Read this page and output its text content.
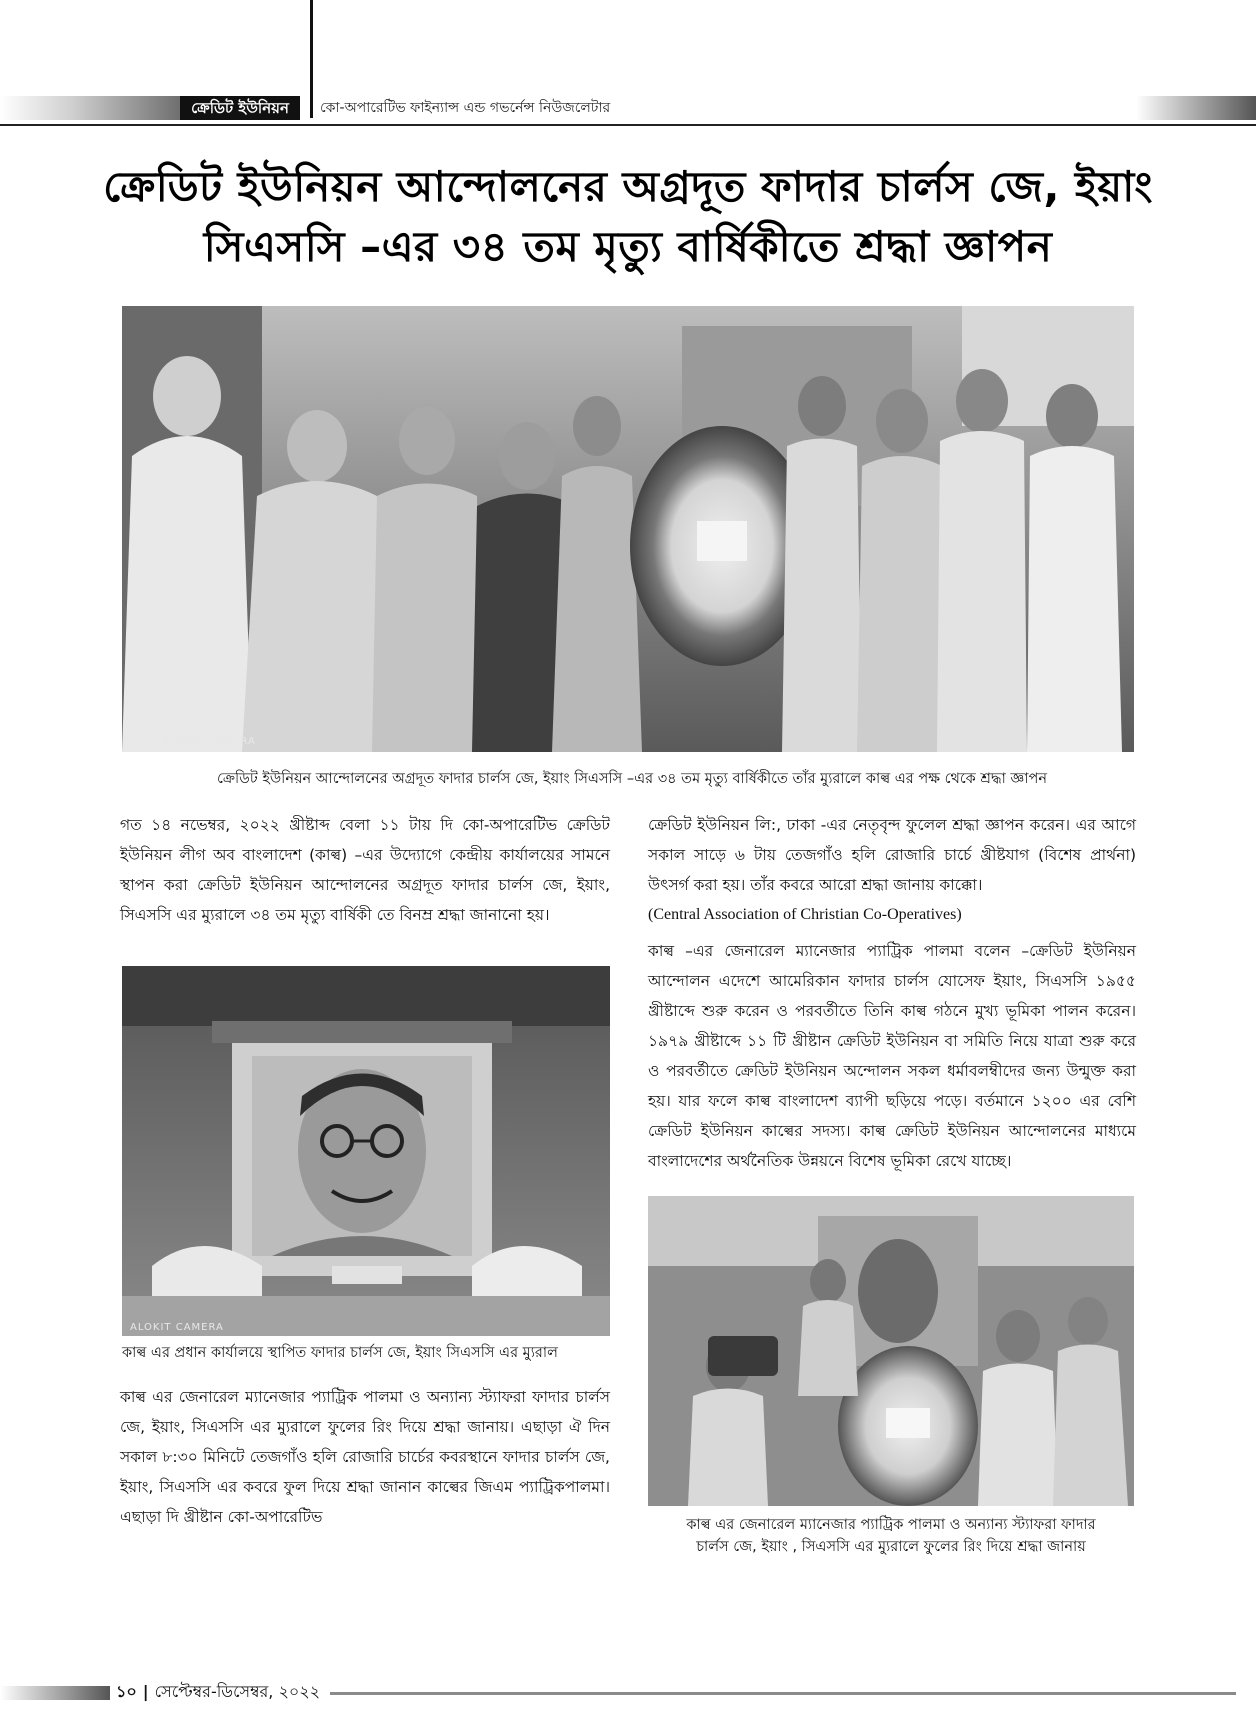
ক্রেডিট ইউনিয়ন	কো-অপারেটিভ ফাইন্যান্স এন্ড গভর্নেন্স নিউজলেটার
ক্রেডিট ইউনিয়ন আন্দোলনের অগ্রদূত ফাদার চার্লস জে, ইয়াং
সিএসসি –এর ৩৪ তম মৃত্যু বার্ষিকীতে শ্রদ্ধা জ্ঞাপন
ALOKIT CAMERA
ক্রেডিট ইউনিয়ন আন্দোলনের অগ্রদূত ফাদার চার্লস জে, ইয়াং সিএসসি –এর ৩৪ তম মৃত্যু বার্ষিকীতে তাঁর ম্যুরালে কাল্ব এর পক্ষ থেকে শ্রদ্ধা জ্ঞাপন
গত ১৪ নভেম্বর, ২০২২ খ্রীষ্টাব্দ বেলা ১১ টায় দি কো-অপারেটিভ ক্রেডিট ইউনিয়ন লীগ অব বাংলাদেশ (কাল্ব) –এর উদ্যোগে কেন্দ্রীয় কার্যালয়ের সামনে স্থাপন করা ক্রেডিট ইউনিয়ন আন্দোলনের অগ্রদূত ফাদার চার্লস জে, ইয়াং, সিএসসি এর ম্যুরালে ৩৪ তম মৃত্যু বার্ষিকী তে বিনম্র শ্রদ্ধা জানানো হয়।
ALOKIT CAMERA
কাল্ব এর প্রধান কার্যালয়ে স্থাপিত ফাদার চার্লস জে, ইয়াং সিএসসি এর ম্যুরাল
কাল্ব এর জেনারেল ম্যানেজার প্যাট্রিক পালমা ও অন্যান্য স্ট্যাফরা ফাদার চার্লস জে, ইয়াং, সিএসসি এর ম্যুরালে ফুলের রিং দিয়ে শ্রদ্ধা জানায়। এছাড়া ঐ দিন সকাল ৮:৩০ মিনিটে তেজগাঁও হলি রোজারি চার্চের কবরস্থানে ফাদার চার্লস জে, ইয়াং, সিএসসি এর কবরে ফুল দিয়ে শ্রদ্ধা জানান কাল্বের জিএম প্যাট্রিকপালমা। এছাড়া দি খ্রীষ্টান কো-অপারেটিভ
ক্রেডিট ইউনিয়ন লি:, ঢাকা -এর নেতৃবৃন্দ ফুলেল শ্রদ্ধা জ্ঞাপন করেন। এর আগে সকাল সাড়ে ৬ টায় তেজগাঁও হলি রোজারি চার্চে খ্রীষ্টযাগ (বিশেষ প্রার্থনা) উৎসর্গ করা হয়। তাঁর কবরে আরো শ্রদ্ধা জানায় কাক্কো।
(Central Association of Christian Co-Operatives)
কাল্ব –এর জেনারেল ম্যানেজার প্যাট্রিক পালমা বলেন –ক্রেডিট ইউনিয়ন আন্দোলন এদেশে আমেরিকান ফাদার চার্লস যোসেফ ইয়াং, সিএসসি ১৯৫৫ খ্রীষ্টাব্দে শুরু করেন ও পরবর্তীতে তিনি কাল্ব গঠনে মুখ্য ভূমিকা পালন করেন। ১৯৭৯ খ্রীষ্টাব্দে ১১ টি খ্রীষ্টান ক্রেডিট ইউনিয়ন বা সমিতি নিয়ে যাত্রা শুরু করে ও পরবর্তীতে ক্রেডিট ইউনিয়ন অন্দোলন সকল ধর্মাবলম্বীদের জন্য উন্মুক্ত করা হয়। যার ফলে কাল্ব বাংলাদেশ ব্যাপী ছড়িয়ে পড়ে। বর্তমানে ১২০০ এর বেশি ক্রেডিট ইউনিয়ন কাল্বের সদস্য। কাল্ব ক্রেডিট ইউনিয়ন আন্দোলনের মাধ্যমে বাংলাদেশের অর্থনৈতিক উন্নয়নে বিশেষ ভূমিকা রেখে যাচ্ছে।
কাল্ব এর জেনারেল ম্যানেজার প্যাট্রিক পালমা ও অন্যান্য স্ট্যাফরা ফাদার
চার্লস জে, ইয়াং , সিএসসি এর ম্যুরালে ফুলের রিং দিয়ে শ্রদ্ধা জানায়
১০ | সেপ্টেম্বর-ডিসেম্বর, ২০২২
